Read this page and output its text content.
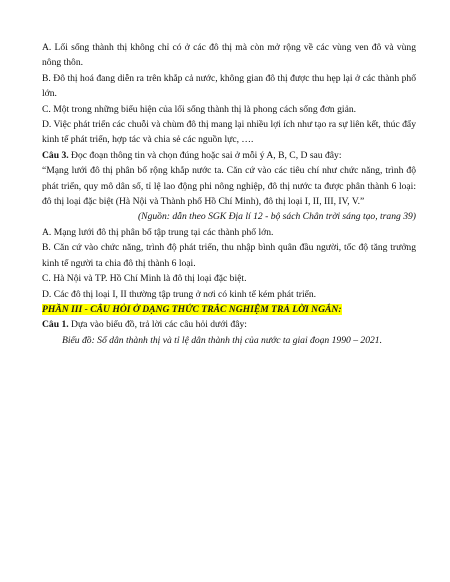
A. Lối sống thành thị không chỉ có ở các đô thị mà còn mở rộng về các vùng ven đô và vùng nông thôn.

B. Đô thị hoá đang diễn ra trên khắp cả nước, không gian đô thị được thu hẹp lại ở các thành phố lớn.

C. Một trong những biểu hiện của lối sống thành thị là phong cách sống đơn giản.

D. Việc phát triển các chuỗi và chùm đô thị mang lại nhiều lợi ích như tạo ra sự liên kết, thúc đẩy kinh tế phát triển, hợp tác và chia sẻ các nguồn lực, ….

Câu 3. Đọc đoạn thông tin và chọn đúng hoặc sai ở mỗi ý A, B, C, D sau đây:

“Mạng lưới đô thị phân bố rộng khắp nước ta. Căn cứ vào các tiêu chí như chức năng, trình độ phát triển, quy mô dân số, tỉ lệ lao động phi nông nghiệp, đô thị nước ta được phân thành 6 loại: đô thị loại đặc biệt (Hà Nội và Thành phố Hồ Chí Minh), đô thị loại I, II, III, IV, V.”

(Nguồn: dẫn theo SGK Địa lí 12 - bộ sách Chân trời sáng tạo, trang 39)

A. Mạng lưới đô thị phân bố tập trung tại các thành phố lớn.

B. Căn cứ vào chức năng, trình độ phát triển, thu nhập bình quân đầu người, tốc độ tăng trưởng kinh tế người ta chia đô thị thành 6 loại.

C. Hà Nội và TP. Hồ Chí Minh là đô thị loại đặc biệt.

D. Các đô thị loại I, II thường tập trung ở nơi có kinh tế kém phát triển.

PHẦN III - CÂU HỎI Ở DẠNG THỨC TRẮC NGHIỆM TRẢ LỜI NGẮN:

Câu 1. Dựa vào biểu đồ, trả lời các câu hỏi dưới đây:

Biểu đồ: Số dân thành thị và tỉ lệ dân thành thị của nước ta giai đoạn 1990 – 2021.
